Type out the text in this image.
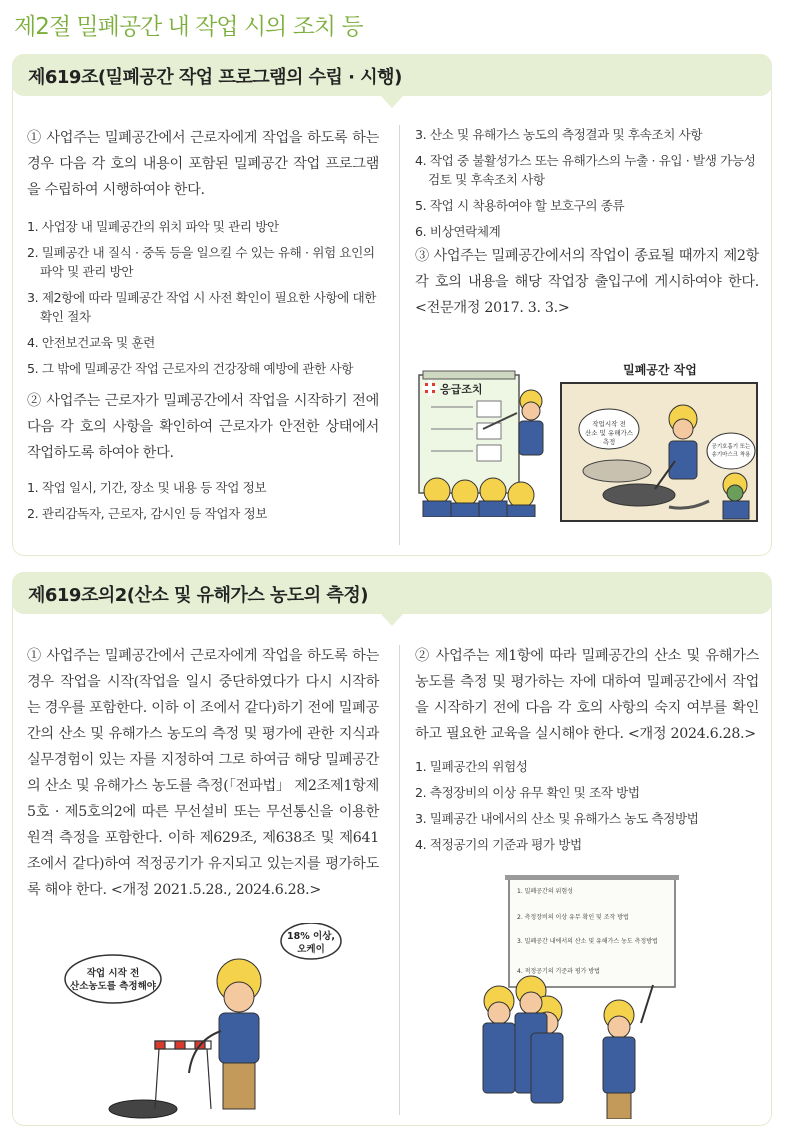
제2절 밀폐공간 내 작업 시의 조치 등
제619조(밀폐공간 작업 프로그램의 수립 · 시행)

① 사업주는 밀폐공간에서 근로자에게 작업을 하도록 하는 경우 다음 각 호의 내용이 포함된 밀폐공간 작업 프로그램을 수립하여 시행하여야 한다.

1. 사업장 내 밀폐공간의 위치 파악 및 관리 방안
2. 밀폐공간 내 질식 · 중독 등을 일으킬 수 있는 유해 · 위험 요인의 파악 및 관리 방안
3. 제2항에 따라 밀폐공간 작업 시 사전 확인이 필요한 사항에 대한 확인 절차
4. 안전보건교육 및 훈련
5. 그 밖에 밀폐공간 작업 근로자의 건강장해 예방에 관한 사항

② 사업주는 근로자가 밀폐공간에서 작업을 시작하기 전에 다음 각 호의 사항을 확인하여 근로자가 안전한 상태에서 작업하도록 하여야 한다.

1. 작업 일시, 기간, 장소 및 내용 등 작업 정보
2. 관리감독자, 근로자, 감시인 등 작업자 정보
3. 산소 및 유해가스 농도의 측정결과 및 후속조치 사항
4. 작업 중 불활성가스 또는 유해가스의 누출 · 유입 · 발생 가능성 검토 및 후속조치 사항
5. 작업 시 착용하여야 할 보호구의 종류
6. 비상연락체계

③ 사업주는 밀폐공간에서의 작업이 종료될 때까지 제2항 각 호의 내용을 해당 작업장 출입구에 게시하여야 한다. <전문개정 2017. 3. 3.>

응급조치
밀폐공간 작업
작업시작 전
산소 및 유해가스
측정
공기호흡기 또는
송기마스크 착용
제619조의2(산소 및 유해가스 농도의 측정)

① 사업주는 밀폐공간에서 근로자에게 작업을 하도록 하는 경우 작업을 시작(작업을 일시 중단하였다가 다시 시작하는 경우를 포함한다. 이하 이 조에서 같다)하기 전에 밀폐공간의 산소 및 유해가스 농도의 측정 및 평가에 관한 지식과 실무경험이 있는 자를 지정하여 그로 하여금 해당 밀폐공간의 산소 및 유해가스 농도를 측정(「전파법」 제2조제1항제5호 · 제5호의2에 따른 무선설비 또는 무선통신을 이용한 원격 측정을 포함한다. 이하 제629조, 제638조 및 제641조에서 같다)하여 적정공기가 유지되고 있는지를 평가하도록 해야 한다. <개정 2021.5.28., 2024.6.28.>

② 사업주는 제1항에 따라 밀폐공간의 산소 및 유해가스 농도를 측정 및 평가하는 자에 대하여 밀폐공간에서 작업을 시작하기 전에 다음 각 호의 사항의 숙지 여부를 확인하고 필요한 교육을 실시해야 한다. <개정 2024.6.28.>

1. 밀폐공간의 위험성
2. 측정장비의 이상 유무 확인 및 조작 방법
3. 밀폐공간 내에서의 산소 및 유해가스 농도 측정방법
4. 적정공기의 기준과 평가 방법
작업 시작 전
산소농도를 측정해야
18% 이상,
오케이
1. 밀폐공간의 위험성
2. 측정장비의 이상 유무 확인 및 조작 방법
3. 밀폐공간 내에서의 산소 및 유해가스 농도 측정방법
4. 적정공기의 기준과 평가 방법
